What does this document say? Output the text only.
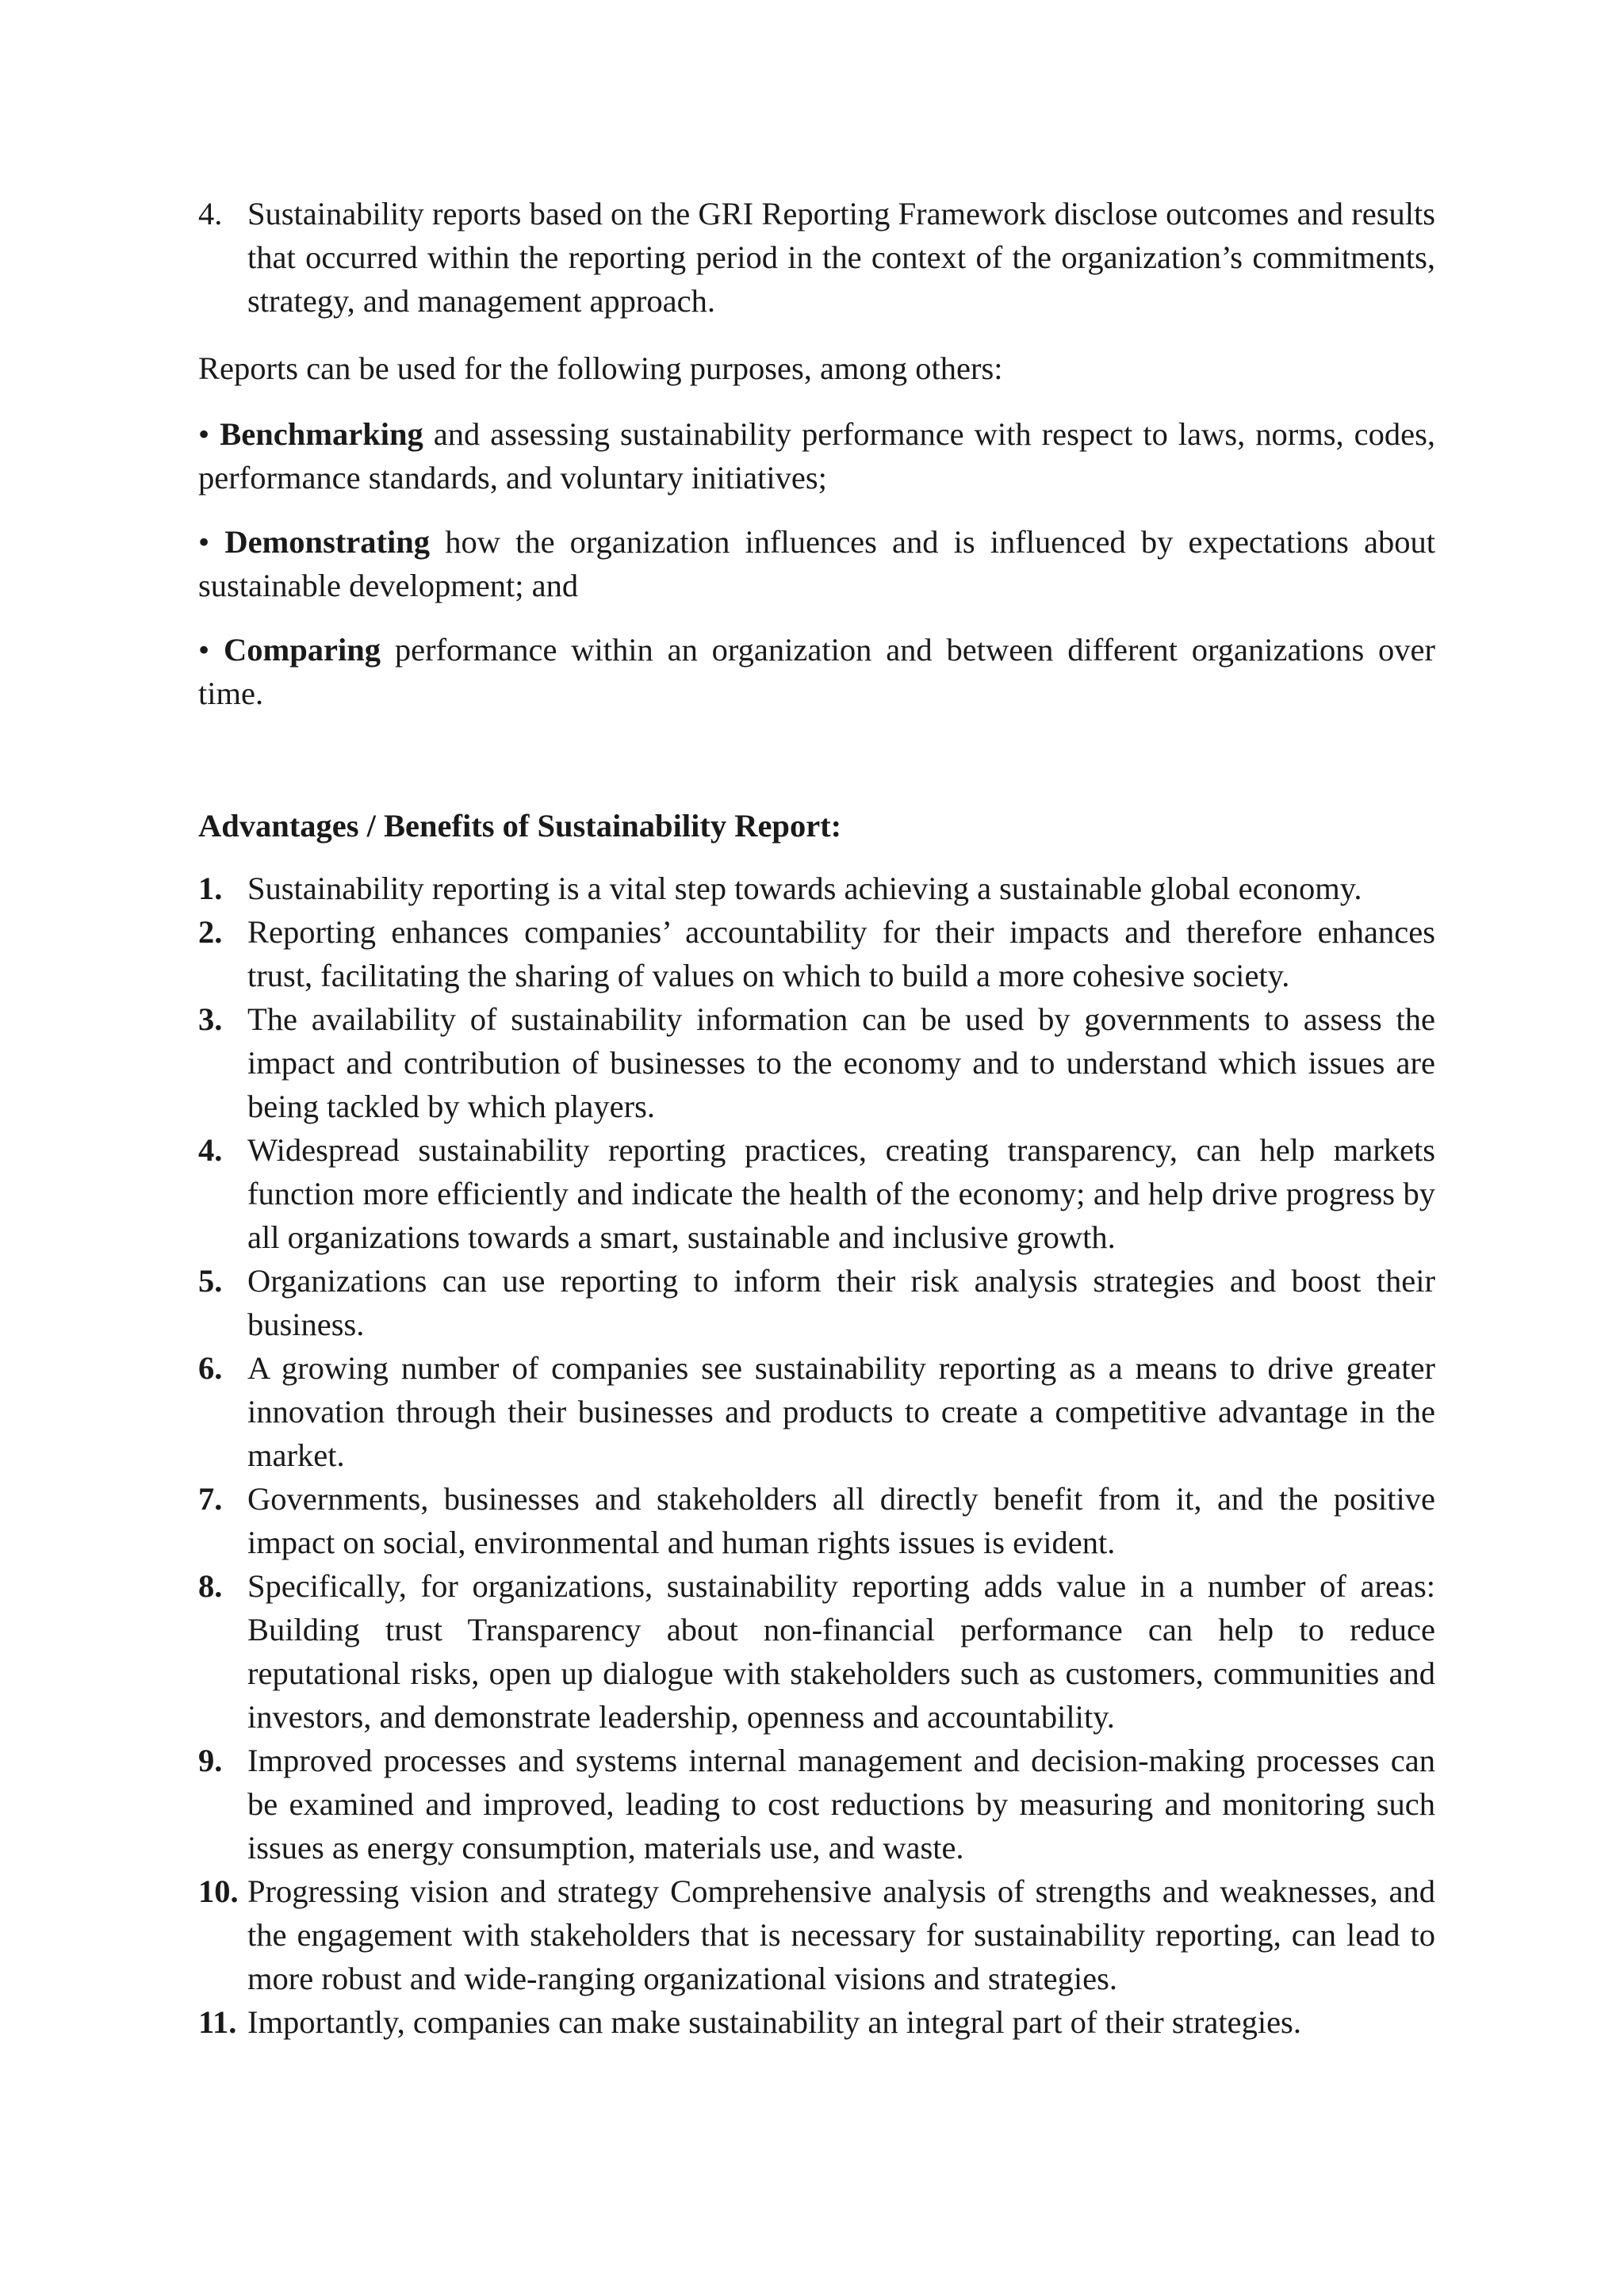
4. Sustainability reports based on the GRI Reporting Framework disclose outcomes and results that occurred within the reporting period in the context of the organization’s commitments, strategy, and management approach.

Reports can be used for the following purposes, among others:

• Benchmarking and assessing sustainability performance with respect to laws, norms, codes, performance standards, and voluntary initiatives;

• Demonstrating how the organization influences and is influenced by expectations about sustainable development; and

• Comparing performance within an organization and between different organizations over time.

Advantages / Benefits of Sustainability Report:

1. Sustainability reporting is a vital step towards achieving a sustainable global economy.
2. Reporting enhances companies’ accountability for their impacts and therefore enhances trust, facilitating the sharing of values on which to build a more cohesive society.
3. The availability of sustainability information can be used by governments to assess the impact and contribution of businesses to the economy and to understand which issues are being tackled by which players.
4. Widespread sustainability reporting practices, creating transparency, can help markets function more efficiently and indicate the health of the economy; and help drive progress by all organizations towards a smart, sustainable and inclusive growth.
5. Organizations can use reporting to inform their risk analysis strategies and boost their business.
6. A growing number of companies see sustainability reporting as a means to drive greater innovation through their businesses and products to create a competitive advantage in the market.
7. Governments, businesses and stakeholders all directly benefit from it, and the positive impact on social, environmental and human rights issues is evident.
8. Specifically, for organizations, sustainability reporting adds value in a number of areas: Building trust Transparency about non-financial performance can help to reduce reputational risks, open up dialogue with stakeholders such as customers, communities and investors, and demonstrate leadership, openness and accountability.
9. Improved processes and systems internal management and decision-making processes can be examined and improved, leading to cost reductions by measuring and monitoring such issues as energy consumption, materials use, and waste.
10. Progressing vision and strategy Comprehensive analysis of strengths and weaknesses, and the engagement with stakeholders that is necessary for sustainability reporting, can lead to more robust and wide-ranging organizational visions and strategies.
11. Importantly, companies can make sustainability an integral part of their strategies.
